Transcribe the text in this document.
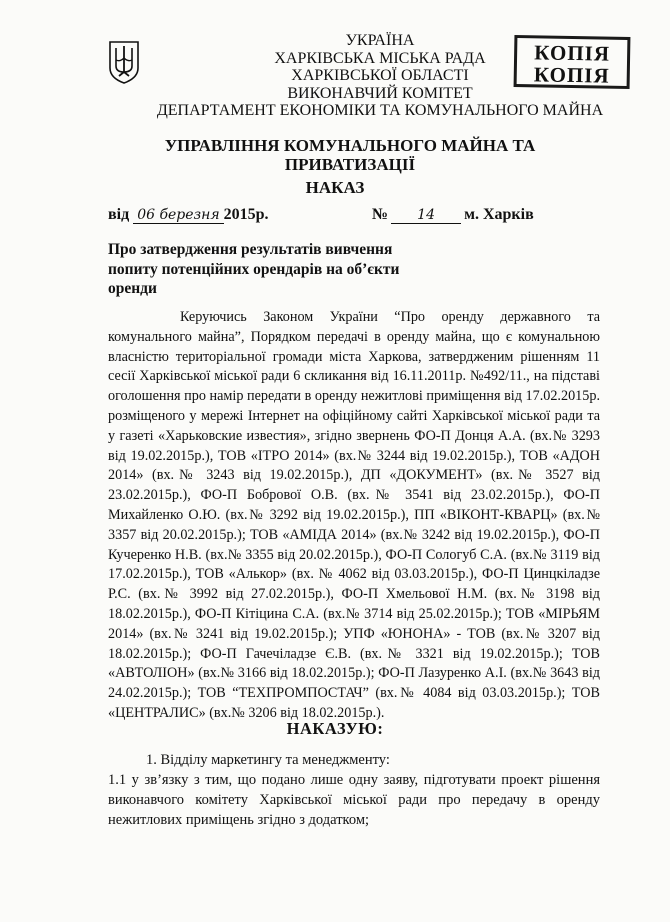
КОПІЯ
КОПІЯ
УКРАЇНА
ХАРКІВСЬКА МІСЬКА РАДА
ХАРКІВСЬКОЇ ОБЛАСТІ
ВИКОНАВЧИЙ КОМІТЕТ
ДЕПАРТАМЕНТ ЕКОНОМІКИ ТА КОМУНАЛЬНОГО МАЙНА
УПРАВЛІННЯ КОМУНАЛЬНОГО МАЙНА ТА
ПРИВАТИЗАЦІЇ
НАКАЗ
від 06 березня 2015р.	№ 14 м. Харків
Про затвердження результатів вивчення попиту потенційних орендарів на об’єкти оренди
Керуючись Законом України “Про оренду державного та комунального майна”, Порядком передачі в оренду майна, що є комунальною власністю територіальної громади міста Харкова, затвердженим рішенням 11 сесії Харківської міської ради 6 скликання від 16.11.2011р. №492/11., на підставі оголошення про намір передати в оренду нежитлові приміщення від 17.02.2015р. розміщеного у мережі Інтернет на офіційному сайті Харківської міської ради та у газеті «Харьковские известия», згідно звернень ФО-П Донця А.А. (вх.№ 3293 від 19.02.2015р.), ТОВ «ІТРО 2014» (вх.№ 3244 від 19.02.2015р.), ТОВ «АДОН 2014» (вх.№ 3243 від 19.02.2015р.), ДП «ДОКУМЕНТ» (вх.№ 3527 від 23.02.2015р.), ФО-П Бобрової О.В. (вх.№ 3541 від 23.02.2015р.), ФО-П Михайленко О.Ю. (вх.№ 3292 від 19.02.2015р.), ПП «ВІКОНТ-КВАРЦ» (вх.№ 3357 від 20.02.2015р.); ТОВ «АМІДА 2014» (вх.№ 3242 від 19.02.2015р.), ФО-П Кучеренко Н.В. (вх.№ 3355 від 20.02.2015р.), ФО-П Сологуб С.А. (вх.№ 3119 від 17.02.2015р.), ТОВ «Алькор» (вх. № 4062 від 03.03.2015р.), ФО-П Цинцкiладзе Р.С. (вх.№ 3992 від 27.02.2015р.), ФО-П Хмельової Н.М. (вх.№ 3198 від 18.02.2015р.), ФО-П Кітіцина С.А. (вх.№ 3714 від 25.02.2015р.); ТОВ «МІРЬЯМ 2014» (вх.№ 3241 від 19.02.2015р.); УПФ «ЮНОНА» - ТОВ (вх.№ 3207 від 18.02.2015р.); ФО-П Гачечіладзе Є.В. (вх.№ 3321 від 19.02.2015р.); ТОВ «АВТОЛІОН» (вх.№ 3166 від 18.02.2015р.); ФО-П Лазуренко А.І. (вх.№ 3643 від 24.02.2015р.); ТОВ “ТЕХПРОМПОСТАЧ” (вх.№ 4084 від 03.03.2015р.); ТОВ «ЦЕНТРАЛИС» (вх.№ 3206 від 18.02.2015р.).
НАКАЗУЮ:
1. Відділу маркетингу та менеджменту:
1.1 у зв’язку з тим, що подано лише одну заяву, підготувати проект рішення виконавчого комітету Харківської міської ради про передачу в оренду нежитлових приміщень згідно з додатком;
